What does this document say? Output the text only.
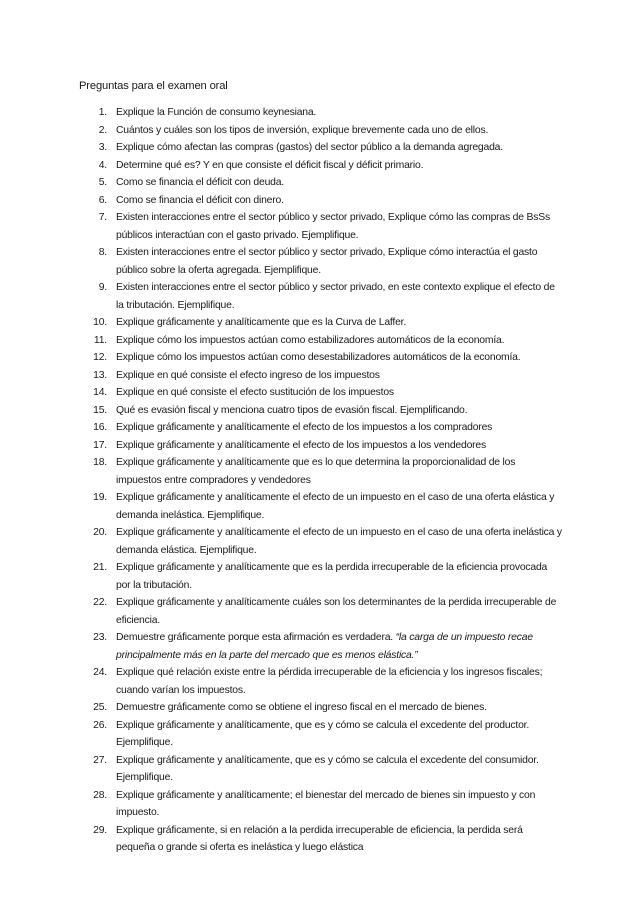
Preguntas para el examen oral
1. Explique la Función de consumo keynesiana.
2. Cuántos y cuáles son los tipos de inversión, explique brevemente cada uno de ellos.
3. Explique cómo afectan las compras (gastos) del sector público a la demanda agregada.
4. Determine qué es? Y en que consiste el déficit fiscal y déficit primario.
5. Como se financia el déficit con deuda.
6. Como se financia el déficit con dinero.
7. Existen interacciones entre el sector público y sector privado, Explique cómo las compras de BsSs públicos interactúan con el gasto privado. Ejemplifique.
8. Existen interacciones entre el sector público y sector privado, Explique cómo interactúa el gasto público sobre la oferta agregada. Ejemplifique.
9. Existen interacciones entre el sector público y sector privado, en este contexto explique el efecto de la tributación. Ejemplifique.
10. Explique gráficamente y analíticamente que es la Curva de Laffer.
11. Explique cómo los impuestos actúan como estabilizadores automáticos de la economía.
12. Explique cómo los impuestos actúan como desestabilizadores automáticos de la economía.
13. Explique en qué consiste el efecto ingreso de los impuestos
14. Explique en qué consiste el efecto sustitución de los impuestos
15. Qué es evasión fiscal y menciona cuatro tipos de evasión fiscal. Ejemplificando.
16. Explique gráficamente y analíticamente el efecto de los impuestos a los compradores
17. Explique gráficamente y analíticamente el efecto de los impuestos a los vendedores
18. Explique gráficamente y analíticamente que es lo que determina la proporcionalidad de los impuestos entre compradores y vendedores
19. Explique gráficamente y analíticamente el efecto de un impuesto en el caso de una oferta elástica y demanda inelástica. Ejemplifique.
20. Explique gráficamente y analíticamente el efecto de un impuesto en el caso de una oferta inelástica y demanda elástica. Ejemplifique.
21. Explique gráficamente y analíticamente que es la perdida irrecuperable de la eficiencia provocada por la tributación.
22. Explique gráficamente y analíticamente cuáles son los determinantes de la perdida irrecuperable de eficiencia.
23. Demuestre gráficamente porque esta afirmación es verdadera. “la carga de un impuesto recae principalmente más en la parte del mercado que es menos elástica.”
24. Explique qué relación existe entre la pérdida irrecuperable de la eficiencia y los ingresos fiscales; cuando varían los impuestos.
25. Demuestre gráficamente como se obtiene el ingreso fiscal en el mercado de bienes.
26. Explique gráficamente y analíticamente, que es y cómo se calcula el excedente del productor. Ejemplifique.
27. Explique gráficamente y analíticamente, que es y cómo se calcula el excedente del consumidor. Ejemplifique.
28. Explique gráficamente y analíticamente; el bienestar del mercado de bienes sin impuesto y con impuesto.
29. Explique gráficamente, si en relación a la perdida irrecuperable de eficiencia, la perdida será pequeña o grande si oferta es inelástica y luego elástica
